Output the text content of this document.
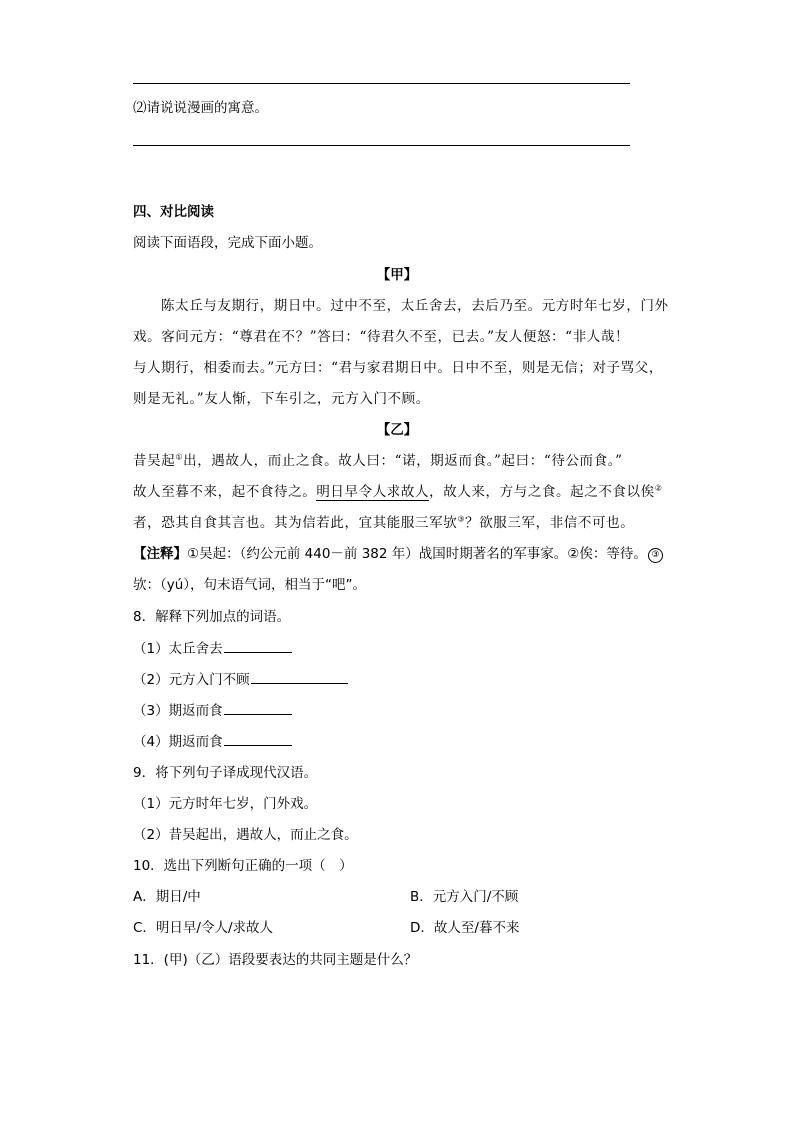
⑵请说说漫画的寓意。
四、对比阅读
阅读下面语段，完成下面小题。
【甲】
陈太丘与友期行，期日中。过中不至，太丘舍去，去后乃至。元方时年七岁，门外
戏。客问元方：“尊君在不？”答曰：“待君久不至，已去。”友人便怒：“非人哉！
与人期行，相委而去。”元方曰：“君与家君期日中。日中不至，则是无信；对子骂父，
则是无礼。”友人惭，下车引之，元方入门不顾。
【乙】
昔吴起①出，遇故人，而止之食。故人曰：“诺，期返而食。”起曰：“待公而食。”
故人至暮不来，起不食待之。明日早令人求故人，故人来，方与之食。起之不食以俟②
者，恐其自食其言也。其为信若此，宜其能服三军欤③？欲服三军，非信不可也。
【注释】①吴起：（约公元前 440－前 382 年）战国时期著名的军事家。②俟：等待。 ③
欤：（yú），句末语气词，相当于“吧”。
8．解释下列加点的词语。
（1）太丘舍去
（2）元方入门不顾
（3）期返而食
（4）期返而食
9．将下列句子译成现代汉语。
（1）元方时年七岁，门外戏。
（2）昔吴起出，遇故人，而止之食。
10．选出下列断句正确的一项（　）
A．期日/中	B．元方入门/不顾
C．明日早/令人/求故人	D．故人至/暮不来
11．(甲)（乙）语段要表达的共同主题是什么？
